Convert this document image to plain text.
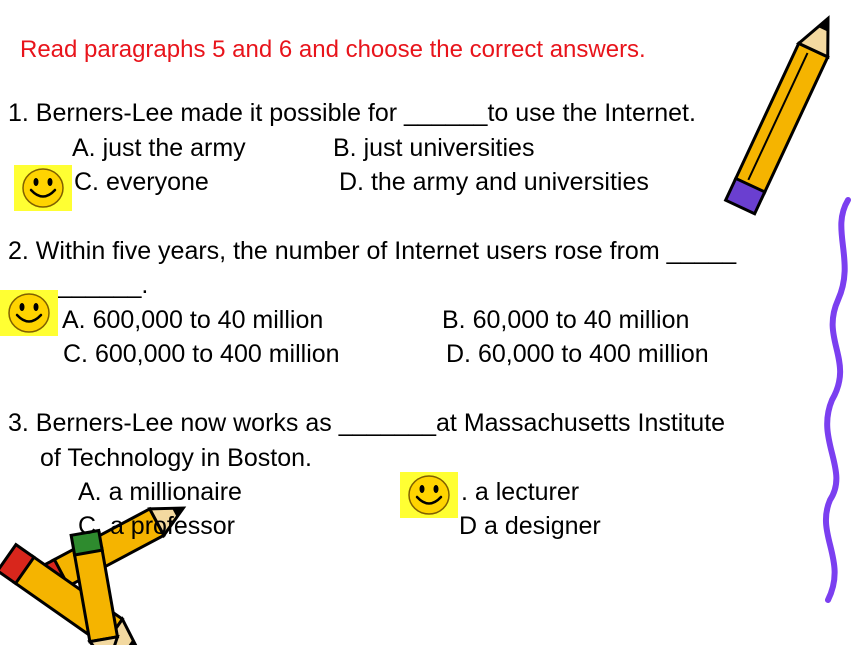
Read paragraphs 5 and 6 and choose the correct answers.
1. Berners-Lee made it possible for ______to use the Internet.
A. just the army	B. just universities
C. everyone	D. the army and universities
2. Within five years, the number of Internet users rose from _____
______.
A. 600,000 to 40 million	B. 60,000 to 40 million
C. 600,000 to 400 million	D. 60,000 to 400 million
3. Berners-Lee now works as _______at Massachusetts Institute
of Technology in Boston.
A. a millionaire	. a lecturer
C. a professor	D a designer
